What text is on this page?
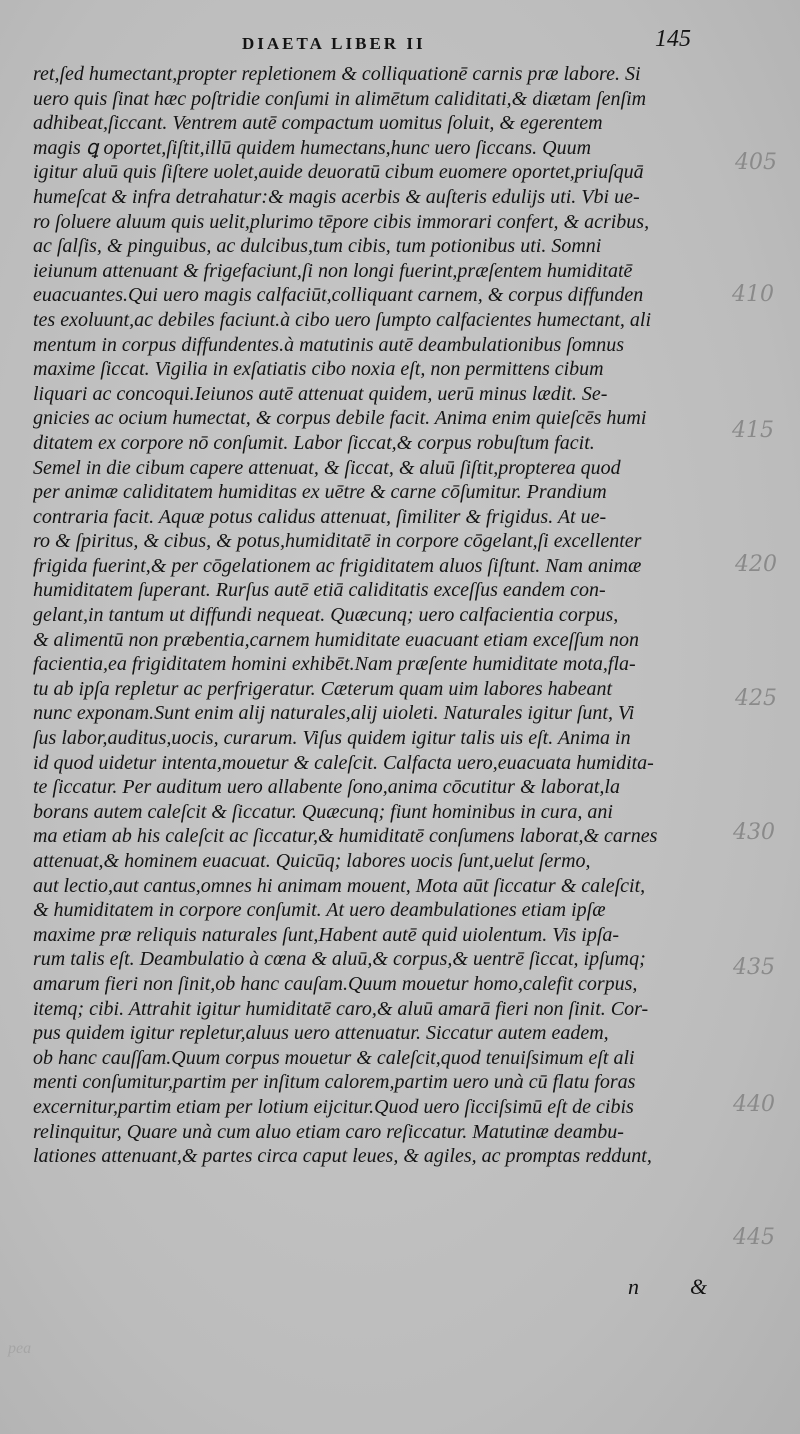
DIAETA LIBER II	145
ret,ſed humectant,propter repletionem & colliquationē carnis præ labore. Si
uero quis ſinat hæc poſtridie conſumi in alimētum caliditati,& diætam ſenſim
adhibeat,ſiccant. Ventrem autē compactum uomitus ſoluit, & egerentem
magis ꝗ oportet,ſiſtit,illū quidem humectans,hunc uero ſiccans. Quum
igitur aluū quis ſiſtere uolet,auide deuoratū cibum euomere oportet,priuſquā
humeſcat & infra detrahatur:& magis acerbis & auſteris edulijs uti. Vbi ue-
ro ſoluere aluum quis uelit,plurimo tēpore cibis immorari confert, & acribus,
ac ſalſis, & pinguibus, ac dulcibus,tum cibis, tum potionibus uti. Somni
ieiunum attenuant & frigefaciunt,ſi non longi fuerint,præſentem humiditatē
euacuantes.Qui uero magis calfaciūt,colliquant carnem, & corpus diffunden
tes exoluunt,ac debiles faciunt.à cibo uero ſumpto calfacientes humectant, ali
mentum in corpus diffundentes.à matutinis autē deambulationibus ſomnus
maxime ſiccat. Vigilia in exſatiatis cibo noxia eſt, non permittens cibum
liquari ac concoqui.Ieiunos autē attenuat quidem, uerū minus lædit. Se-
gnicies ac ocium humectat, & corpus debile facit. Anima enim quieſcēs humi
ditatem ex corpore nō conſumit. Labor ſiccat,& corpus robuſtum facit.
Semel in die cibum capere attenuat, & ſiccat, & aluū ſiſtit,propterea quod
per animæ caliditatem humiditas ex uētre & carne cōſumitur. Prandium
contraria facit. Aquæ potus calidus attenuat, ſimiliter & frigidus. At ue-
ro & ſpiritus, & cibus, & potus,humiditatē in corpore cōgelant,ſi excellenter
frigida fuerint,& per cōgelationem ac frigiditatem aluos ſiſtunt. Nam animæ
humiditatem ſuperant. Rurſus autē etiā caliditatis exceſſus eandem con-
gelant,in tantum ut diffundi nequeat. Quæcunq; uero calfacientia corpus,
& alimentū non præbentia,carnem humiditate euacuant etiam exceſſum non
facientia,ea frigiditatem homini exhibēt.Nam præſente humiditate mota,fla-
tu ab ipſa repletur ac perfrigeratur. Cæterum quam uim labores habeant
nunc exponam.Sunt enim alij naturales,alij uioleti. Naturales igitur ſunt, Vi
ſus labor,auditus,uocis, curarum. Viſus quidem igitur talis uis eſt. Anima in
id quod uidetur intenta,mouetur & caleſcit. Calfacta uero,euacuata humidita-
te ſiccatur. Per auditum uero allabente ſono,anima cōcutitur & laborat,la
borans autem caleſcit & ſiccatur. Quæcunq; fiunt hominibus in cura, ani
ma etiam ab his caleſcit ac ſiccatur,& humiditatē conſumens laborat,& carnes
attenuat,& hominem euacuat. Quicūq; labores uocis ſunt,uelut ſermo,
aut lectio,aut cantus,omnes hi animam mouent, Mota aūt ſiccatur & caleſcit,
& humiditatem in corpore conſumit. At uero deambulationes etiam ipſæ
maxime præ reliquis naturales ſunt,Habent autē quid uiolentum. Vis ipſa-
rum talis eſt. Deambulatio à cœna & aluū,& corpus,& uentrē ſiccat, ipſumq;
amarum fieri non ſinit,ob hanc cauſam.Quum mouetur homo,calefit corpus,
itemq; cibi. Attrahit igitur humiditatē caro,& aluū amarā fieri non ſinit. Cor-
pus quidem igitur repletur,aluus uero attenuatur. Siccatur autem eadem,
ob hanc cauſſam.Quum corpus mouetur & caleſcit,quod tenuiſsimum eſt ali
menti conſumitur,partim per inſitum calorem,partim uero unà cū flatu foras
excernitur,partim etiam per lotium eijcitur.Quod uero ſicciſsimū eſt de cibis
relinquitur, Quare unà cum aluo etiam caro reſiccatur. Matutinæ deambu-
lationes attenuant,& partes circa caput leues, & agiles, ac promptas reddunt,
405
410
415
420
425
430
435
440
445
n &
pea
